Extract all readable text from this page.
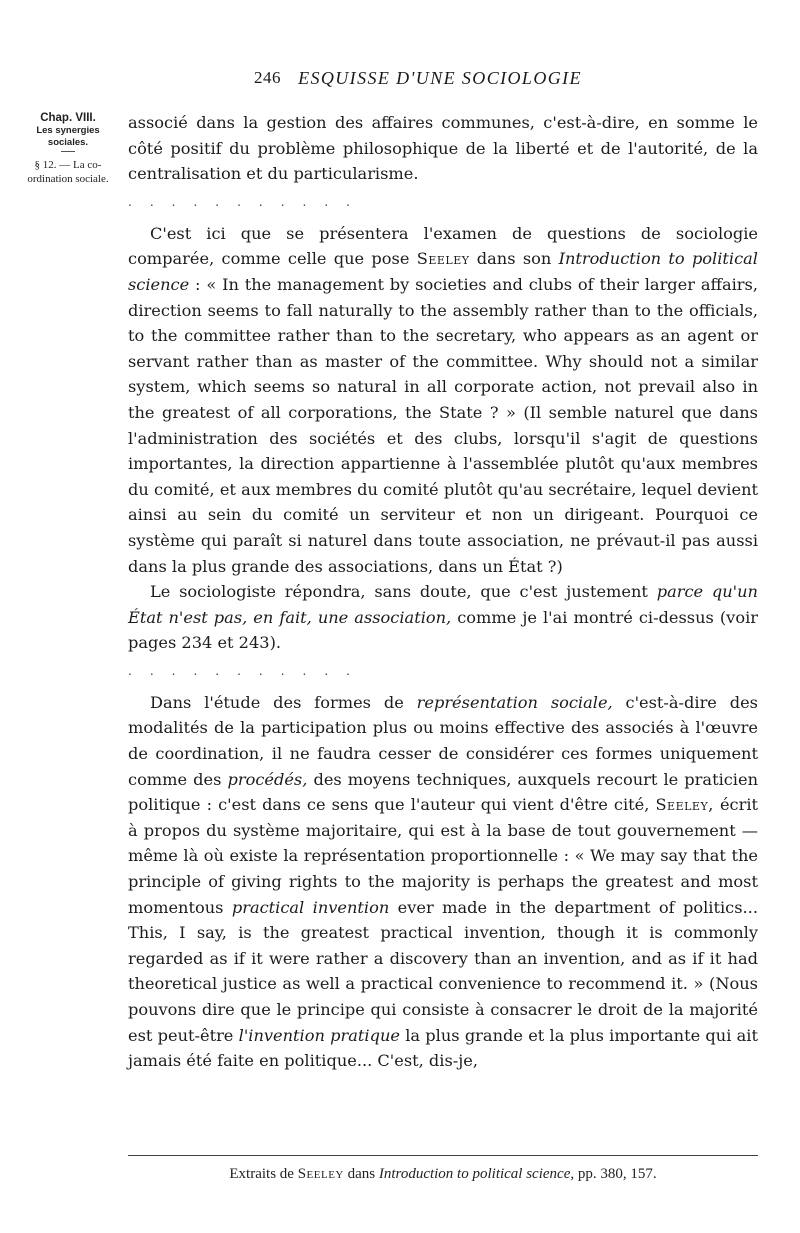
246 ESQUISSE D'UNE SOCIOLOGIE
Chap. VIII.
Les synergies
sociales.
§ 12. — La co-
ordination sociale.

associé dans la gestion des affaires communes, c'est-à-dire, en somme le côté positif du problème philosophique de la liberté et de l'autorité, de la centralisation et du particularisme.

...........

C'est ici que se présentera l'examen de questions de sociologie comparée, comme celle que pose Seeley dans son Introduction to political science : « In the management by societies and clubs of their larger affairs, direction seems to fall naturally to the assembly rather than to the officials, to the committee rather than to the secretary, who appears as an agent or servant rather than as master of the committee. Why should not a similar system, which seems so natural in all corporate action, not prevail also in the greatest of all corporations, the State ? » (Il semble naturel que dans l'administration des sociétés et des clubs, lorsqu'il s'agit de questions importantes, la direction appartienne à l'assemblée plutôt qu'aux membres du comité, et aux membres du comité plutôt qu'au secrétaire, lequel devient ainsi au sein du comité un serviteur et non un dirigeant. Pourquoi ce système qui paraît si naturel dans toute association, ne prévaut-il pas aussi dans la plus grande des associations, dans un État ?)

Le sociologiste répondra, sans doute, que c'est justement parce qu'un État n'est pas, en fait, une association, comme je l'ai montré ci-dessus (voir pages 234 et 243).

...........

Dans l'étude des formes de représentation sociale, c'est-à-dire des modalités de la participation plus ou moins effective des associés à l'œuvre de coordination, il ne faudra cesser de considérer ces formes uniquement comme des procédés, des moyens techniques, auxquels recourt le praticien politique : c'est dans ce sens que l'auteur qui vient d'être cité, Seeley, écrit à propos du système majoritaire, qui est à la base de tout gouvernement — même là où existe la représentation proportionnelle : « We may say that the principle of giving rights to the majority is perhaps the greatest and most momentous practical invention ever made in the department of politics... This, I say, is the greatest practical invention, though it is commonly regarded as if it were rather a discovery than an invention, and as if it had theoretical justice as well a practical convenience to recommend it. » (Nous pouvons dire que le principe qui consiste à consacrer le droit de la majorité est peut-être l'invention pratique la plus grande et la plus importante qui ait jamais été faite en politique... C'est, dis-je,

Extraits de Seeley dans Introduction to political science, pp. 380, 157.
